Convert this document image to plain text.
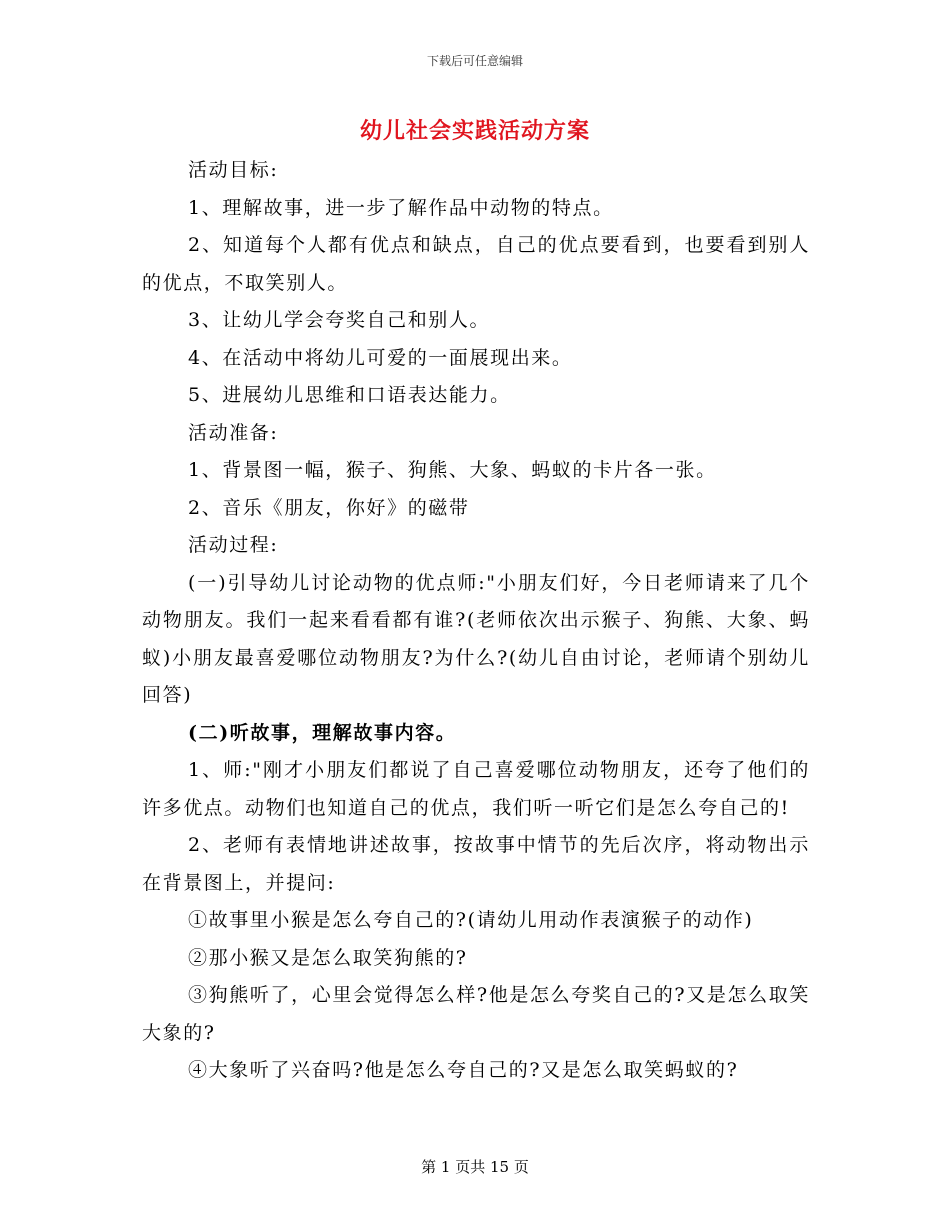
下载后可任意编辑
幼儿社会实践活动方案

活动目标:

1、理解故事，进一步了解作品中动物的特点。

2、知道每个人都有优点和缺点，自己的优点要看到，也要看到别人的优点，不取笑别人。

3、让幼儿学会夸奖自己和别人。

4、在活动中将幼儿可爱的一面展现出来。

5、进展幼儿思维和口语表达能力。

活动准备:

1、背景图一幅，猴子、狗熊、大象、蚂蚁的卡片各一张。

2、音乐《朋友，你好》的磁带

活动过程:

(一)引导幼儿讨论动物的优点师:"小朋友们好，今日老师请来了几个动物朋友。我们一起来看看都有谁?(老师依次出示猴子、狗熊、大象、蚂蚁)小朋友最喜爱哪位动物朋友?为什么?(幼儿自由讨论，老师请个别幼儿回答)

(二)听故事，理解故事内容。

1、师:"刚才小朋友们都说了自己喜爱哪位动物朋友，还夸了他们的许多优点。动物们也知道自己的优点，我们听一听它们是怎么夸自己的!

2、老师有表情地讲述故事，按故事中情节的先后次序，将动物出示在背景图上，并提问:

①故事里小猴是怎么夸自己的?(请幼儿用动作表演猴子的动作)

②那小猴又是怎么取笑狗熊的?

③狗熊听了，心里会觉得怎么样?他是怎么夸奖自己的?又是怎么取笑大象的?

④大象听了兴奋吗?他是怎么夸自己的?又是怎么取笑蚂蚁的?

第 1 页共 15 页
